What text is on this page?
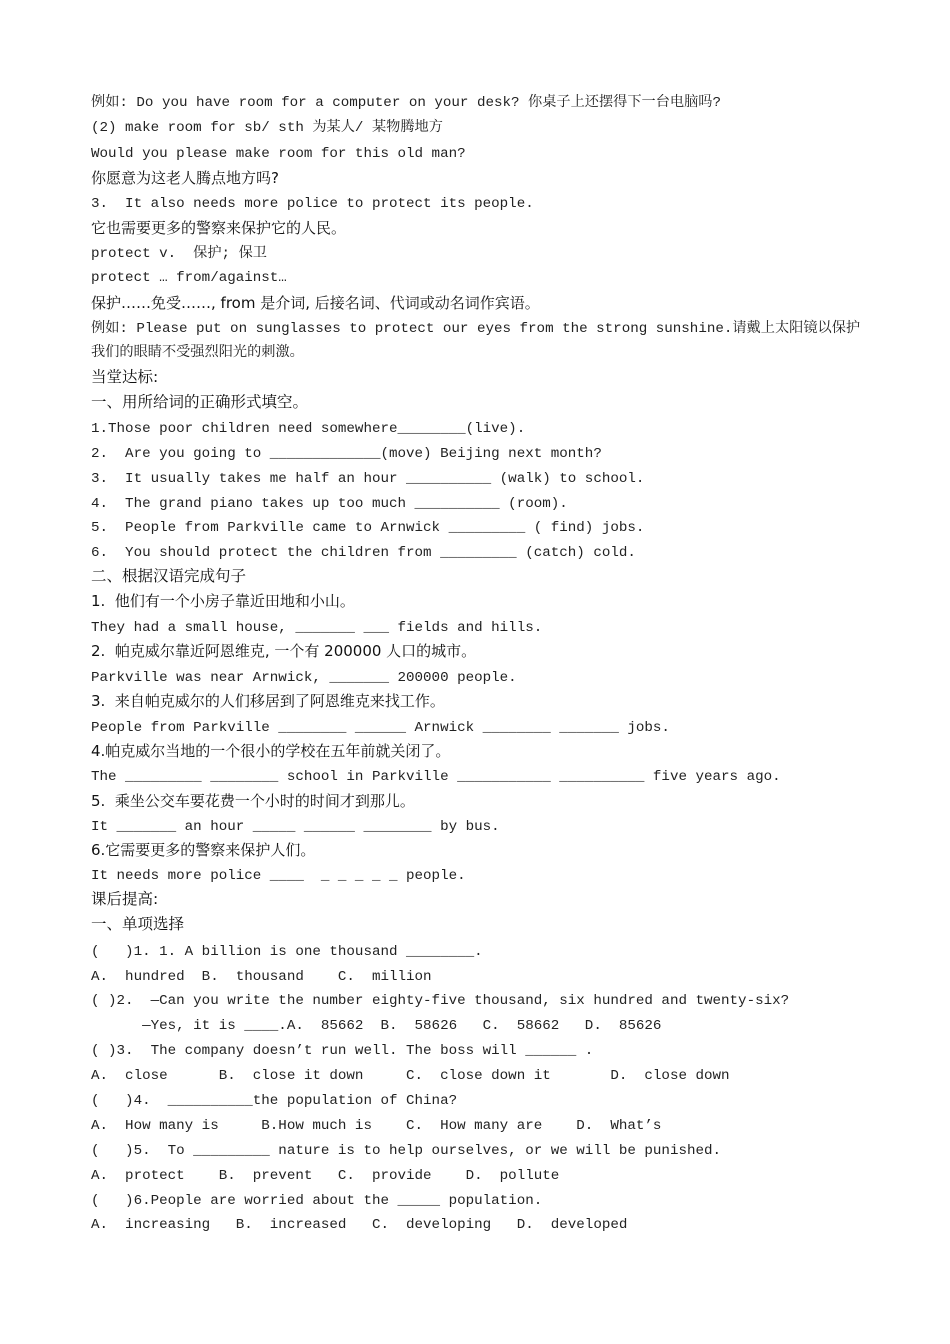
例如: Do you have room for a computer on your desk? 你桌子上还摆得下一台电脑吗?
(2) make room for sb/ sth 为某人/ 某物腾地方
Would you please make room for this old man?
你愿意为这老人腾点地方吗?
3.  It also needs more police to protect its people.
它也需要更多的警察来保护它的人民。
protect v.  保护; 保卫
protect … from/against…
保护……免受……, from 是介词, 后接名词、代词或动名词作宾语。
例如: Please put on sunglasses to protect our eyes from the strong sunshine.请戴上太阳镜以保护我们的眼睛不受强烈阳光的刺激。
当堂达标:
一、用所给词的正确形式填空。
1.Those poor children need somewhere________(live).
2.  Are you going to _____________(move) Beijing next month?
3.  It usually takes me half an hour __________ (walk) to school.
4.  The grand piano takes up too much __________ (room).
5.  People from Parkville came to Arnwick _________ ( find) jobs.
6.  You should protect the children from _________ (catch) cold.
二、根据汉语完成句子
1.  他们有一个小房子靠近田地和小山。
They had a small house, _______ ___ fields and hills.
2.  帕克威尔靠近阿恩维克, 一个有 200000 人口的城市。
Parkville was near Arnwick, _______ 200000 people.
3.  来自帕克威尔的人们移居到了阿恩维克来找工作。
People from Parkville ________ ______ Arnwick ________ _______ jobs.
4.帕克威尔当地的一个很小的学校在五年前就关闭了。
The _________ ________ school in Parkville ___________ __________ five years ago.
5.  乘坐公交车要花费一个小时的时间才到那儿。
It _______ an hour _____ ______ ________ by bus.
6.它需要更多的警察来保护人们。
It needs more police ____  _ _ _ _ _ people.
课后提高:
一、单项选择
(   )1. 1. A billion is one thousand ________.
A.  hundred  B.  thousand    C.  million
( )2.  —Can you write the number eighty-five thousand, six hundred and twenty-six?
—Yes, it is ____.A.  85662  B.  58626   C.  58662   D.  85626
( )3.  The company doesn’t run well. The boss will ______ .
A.  close      B.  close it down     C.  close down it       D.  close down
(   )4.  __________the population of China?
A.  How many is     B.How much is    C.  How many are    D.  What’s
(   )5.  To _________ nature is to help ourselves, or we will be punished.
A.  protect    B.  prevent   C.  provide    D.  pollute
(   )6.People are worried about the _____ population.
A.  increasing   B.  increased   C.  developing   D.  developed
